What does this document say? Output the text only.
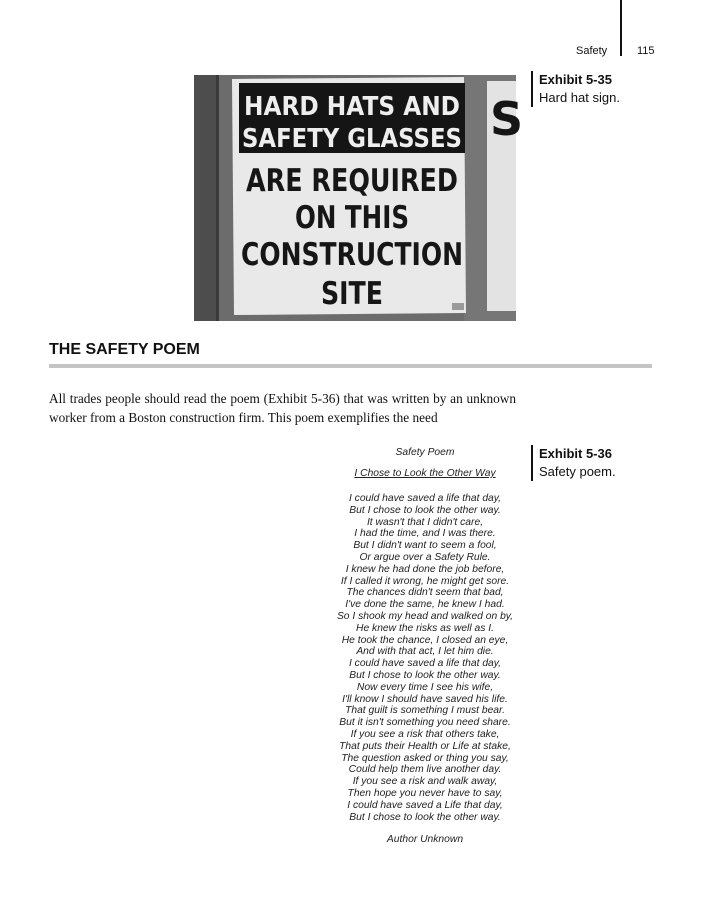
Safety	115
HARD HATS AND
SAFETY GLASSES
ARE REQUIRED
ON THIS
CONSTRUCTION
SITE
S
Exhibit 5-35
Hard hat sign.
THE SAFETY POEM

All trades people should read the poem (Exhibit 5-36) that was written by an unknown worker from a Boston construction firm. This poem exemplifies the need

Exhibit 5-36
Safety poem.
Safety Poem
I Chose to Look the Other Way
I could have saved a life that day,
But I chose to look the other way.
It wasn't that I didn't care,
I had the time, and I was there.
But I didn't want to seem a fool,
Or argue over a Safety Rule.
I knew he had done the job before,
If I called it wrong, he might get sore.
The chances didn't seem that bad,
I've done the same, he knew I had.
So I shook my head and walked on by,
He knew the risks as well as I.
He took the chance, I closed an eye,
And with that act, I let him die.
I could have saved a life that day,
But I chose to look the other way.
Now every time I see his wife,
I'll know I should have saved his life.
That guilt is something I must bear.
But it isn't something you need share.
If you see a risk that others take,
That puts their Health or Life at stake,
The question asked or thing you say,
Could help them live another day.
If you see a risk and walk away,
Then hope you never have to say,
I could have saved a Life that day,
But I chose to look the other way.
Author Unknown
